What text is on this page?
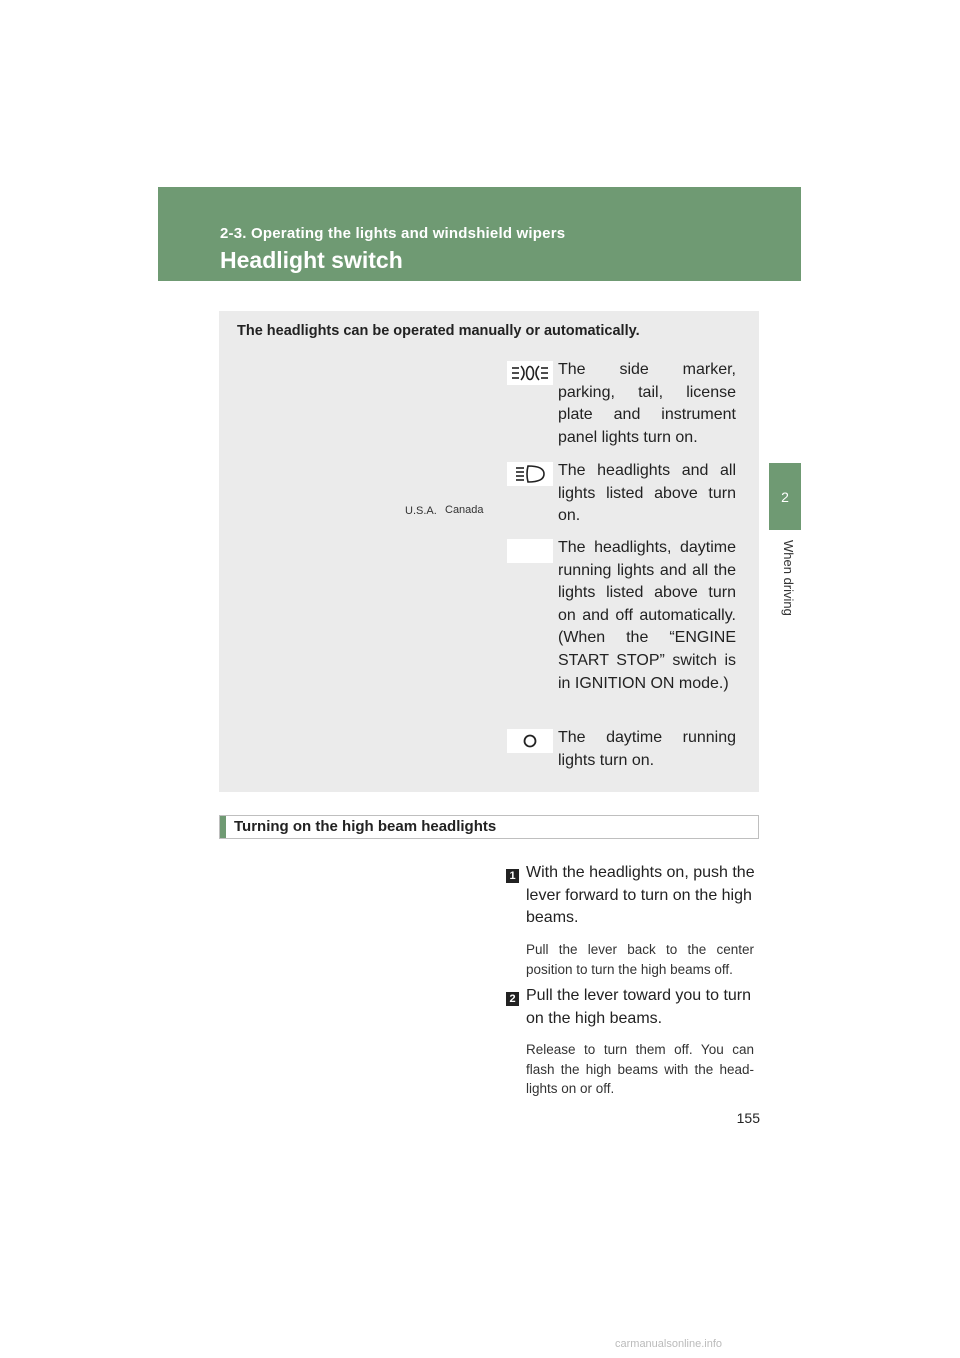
2-3. Operating the lights and windshield wipers
Headlight switch
2
When driving
The headlights can be operated manually or automatically.
U.S.A. Canada
The side marker, parking, tail, license plate and instrument panel lights turn on.
The headlights and all lights listed above turn on.
The headlights, daytime running lights and all the lights listed above turn on and off automatically. (When the “ENGINE START STOP” switch is in IGNITION ON mode.)
The daytime running lights turn on.
Turning on the high beam headlights
1 With the headlights on, push the lever forward to turn on the high beams.
Pull the lever back to the center position to turn the high beams off.
2 Pull the lever toward you to turn on the high beams.
Release to turn them off. You can flash the high beams with the head-lights on or off.
155
carmanualsonline.info
